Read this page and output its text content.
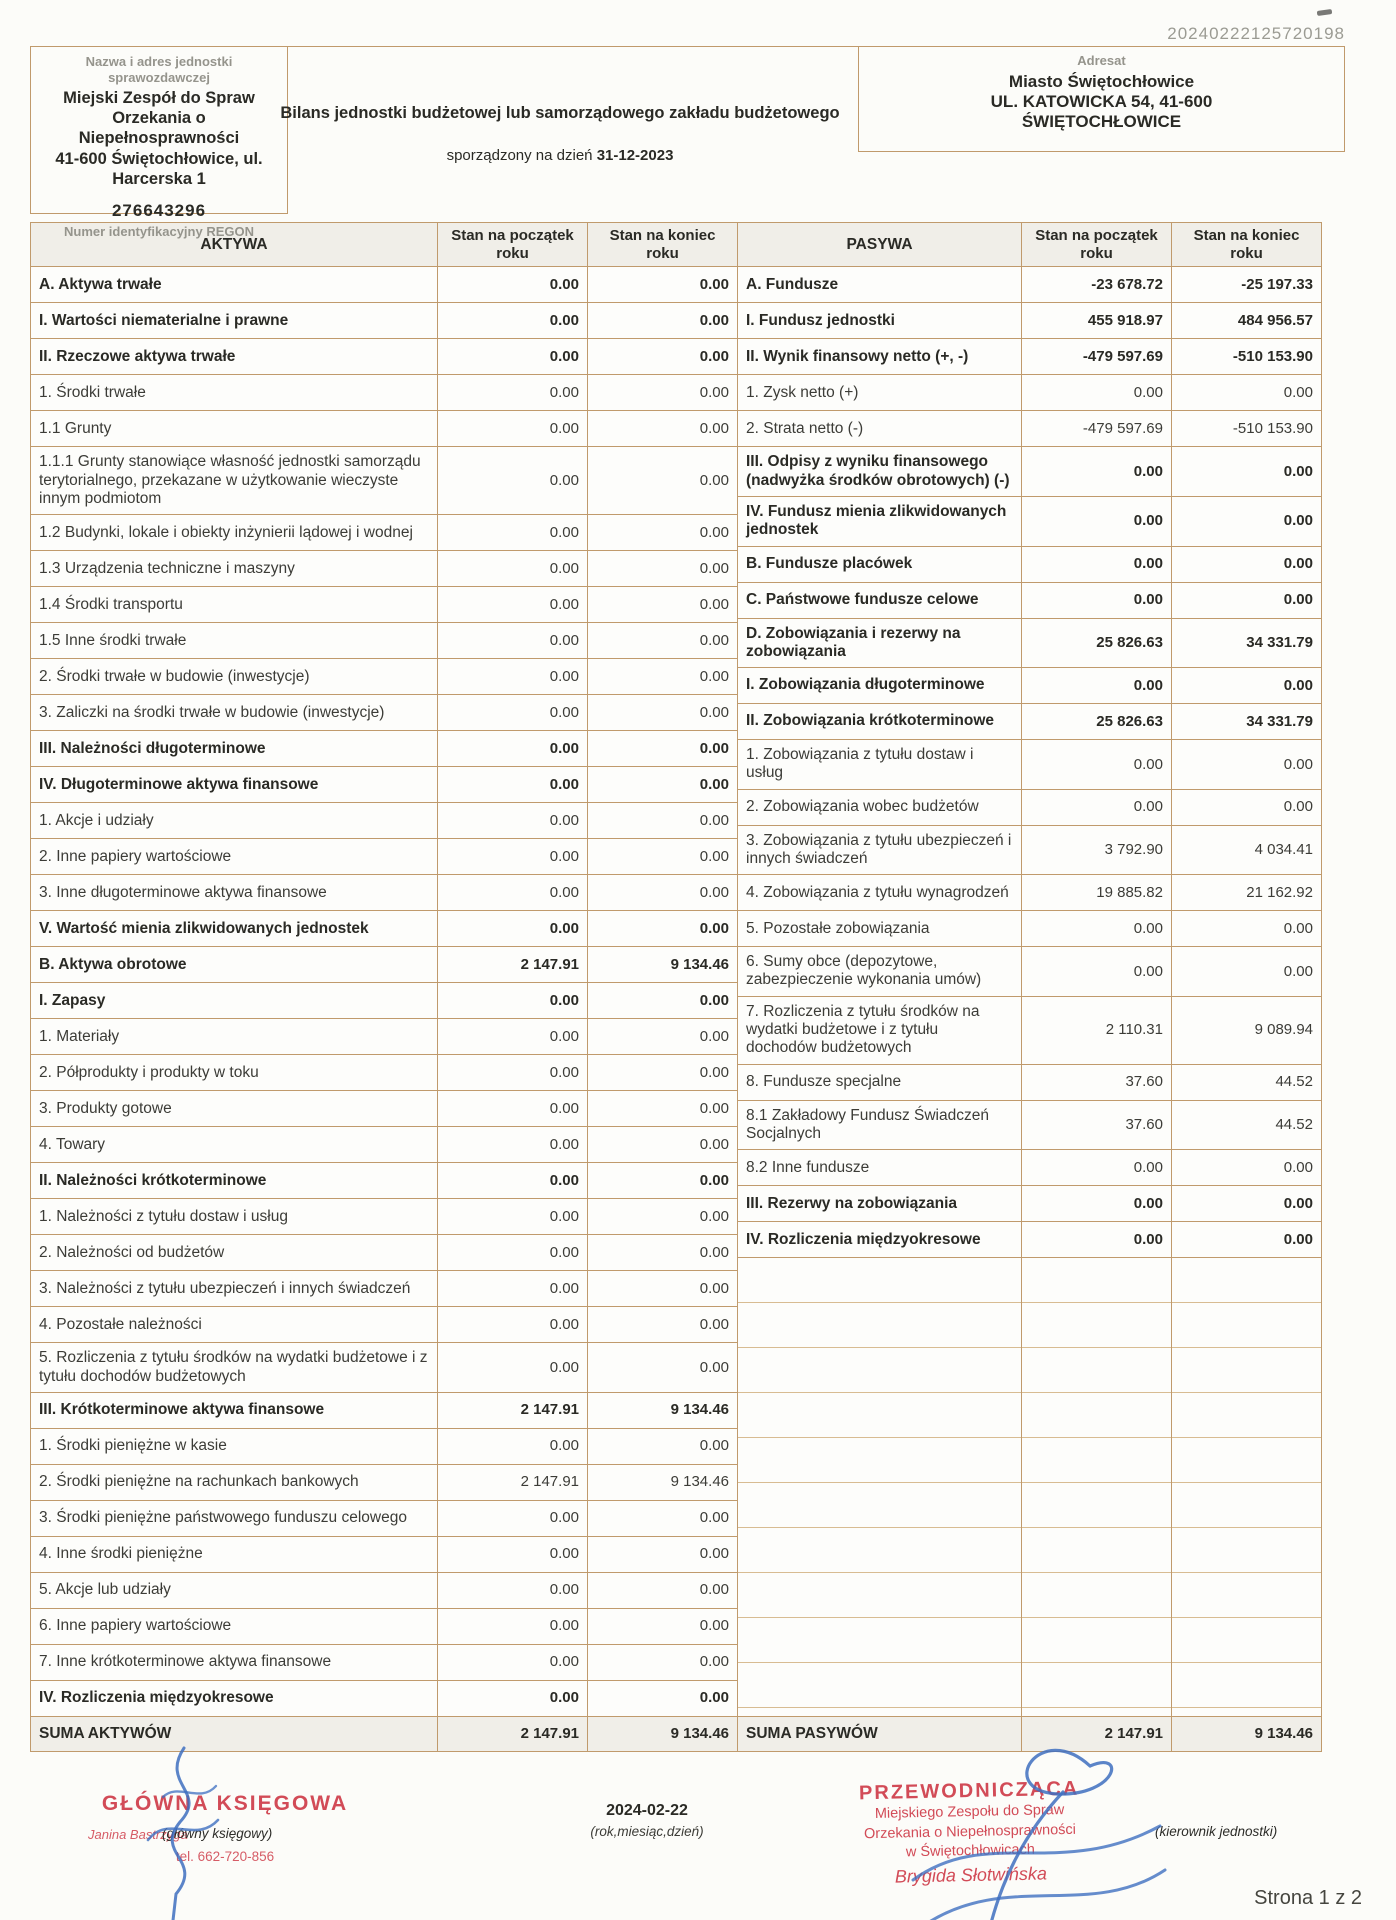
20240222125720198
Nazwa i adres jednostki sprawozdawczej
Miejski Zespół do Spraw Orzekania o Niepełnosprawności
41-600 Świętochłowice, ul. Harcerska 1
276643296
Numer identyfikacyjny REGON
Bilans jednostki budżetowej lub samorządowego zakładu budżetowego
sporządzony na dzień 31-12-2023
Adresat
Miasto Świętochłowice
UL. KATOWICKA 54, 41-600 ŚWIĘTOCHŁOWICE
AKTYWA
Stan na początek roku
Stan na koniec roku
A. Aktywa trwałe	0.00	0.00
I. Wartości niematerialne i prawne	0.00	0.00
II. Rzeczowe aktywa trwałe	0.00	0.00
1. Środki trwałe	0.00	0.00
1.1 Grunty	0.00	0.00
1.1.1 Grunty stanowiące własność jednostki samorządu terytorialnego, przekazane w użytkowanie wieczyste innym podmiotom
0.00	0.00
1.2 Budynki, lokale i obiekty inżynierii lądowej i wodnej	0.00	0.00
1.3 Urządzenia techniczne i maszyny	0.00	0.00
1.4 Środki transportu	0.00	0.00
1.5 Inne środki trwałe	0.00	0.00
2. Środki trwałe w budowie (inwestycje)	0.00	0.00
3. Zaliczki na środki trwałe w budowie (inwestycje)	0.00	0.00
III. Należności długoterminowe	0.00	0.00
IV. Długoterminowe aktywa finansowe	0.00	0.00
1. Akcje i udziały	0.00	0.00
2. Inne papiery wartościowe	0.00	0.00
3. Inne długoterminowe aktywa finansowe	0.00	0.00
V. Wartość mienia zlikwidowanych jednostek	0.00	0.00
B. Aktywa obrotowe	2 147.91	9 134.46
I. Zapasy	0.00	0.00
1. Materiały	0.00	0.00
2. Półprodukty i produkty w toku	0.00	0.00
3. Produkty gotowe	0.00	0.00
4. Towary	0.00	0.00
II. Należności krótkoterminowe	0.00	0.00
1. Należności z tytułu dostaw i usług	0.00	0.00
2. Należności od budżetów	0.00	0.00
3. Należności z tytułu ubezpieczeń i innych świadczeń	0.00	0.00
4. Pozostałe należności	0.00	0.00
5. Rozliczenia z tytułu środków na wydatki budżetowe i z tytułu dochodów budżetowych
0.00	0.00
III. Krótkoterminowe aktywa finansowe	2 147.91	9 134.46
1. Środki pieniężne w kasie	0.00	0.00
2. Środki pieniężne na rachunkach bankowych	2 147.91	9 134.46
3. Środki pieniężne państwowego funduszu celowego	0.00	0.00
4. Inne środki pieniężne	0.00	0.00
5. Akcje lub udziały	0.00	0.00
6. Inne papiery wartościowe	0.00	0.00
7. Inne krótkoterminowe aktywa finansowe	0.00	0.00
IV. Rozliczenia międzyokresowe	0.00	0.00
SUMA AKTYWÓW	2 147.91	9 134.46
PASYWA
Stan na początek roku
Stan na koniec roku
A. Fundusze	-23 678.72	-25 197.33
I. Fundusz jednostki	455 918.97	484 956.57
II. Wynik finansowy netto (+, -)	-479 597.69	-510 153.90
1. Zysk netto (+)	0.00	0.00
2. Strata netto (-)	-479 597.69	-510 153.90
III. Odpisy z wyniku finansowego (nadwyżka środków obrotowych) (-)
0.00	0.00
IV. Fundusz mienia zlikwidowanych jednostek
0.00	0.00
B. Fundusze placówek	0.00	0.00
C. Państwowe fundusze celowe	0.00	0.00
D. Zobowiązania i rezerwy na zobowiązania
25 826.63	34 331.79
I. Zobowiązania długoterminowe	0.00	0.00
II. Zobowiązania krótkoterminowe	25 826.63	34 331.79
1. Zobowiązania z tytułu dostaw i usług
0.00	0.00
2. Zobowiązania wobec budżetów	0.00	0.00
3. Zobowiązania z tytułu ubezpieczeń i innych świadczeń
3 792.90	4 034.41
4. Zobowiązania z tytułu wynagrodzeń	19 885.82	21 162.92
5. Pozostałe zobowiązania	0.00	0.00
6. Sumy obce (depozytowe, zabezpieczenie wykonania umów)
0.00	0.00
7. Rozliczenia z tytułu środków na wydatki budżetowe i z tytułu dochodów budżetowych
2 110.31	9 089.94
8. Fundusze specjalne	37.60	44.52
8.1 Zakładowy Fundusz Świadczeń Socjalnych
37.60	44.52
8.2 Inne fundusze	0.00	0.00
III. Rezerwy na zobowiązania	0.00	0.00
IV. Rozliczenia międzyokresowe	0.00	0.00
SUMA PASYWÓW	2 147.91	9 134.46
GŁÓWNA KSIĘGOWA
Janina Bastrzyga
(główny księgowy)
tel. 662-720-856
2024-02-22
(rok,miesiąc,dzień)
PRZEWODNICZĄCA
Miejskiego Zespołu do Spraw
Orzekania o Niepełnosprawności
w Świętochłowicach
Brygida Słotwińska
(kierownik jednostki)
Strona 1 z 2
